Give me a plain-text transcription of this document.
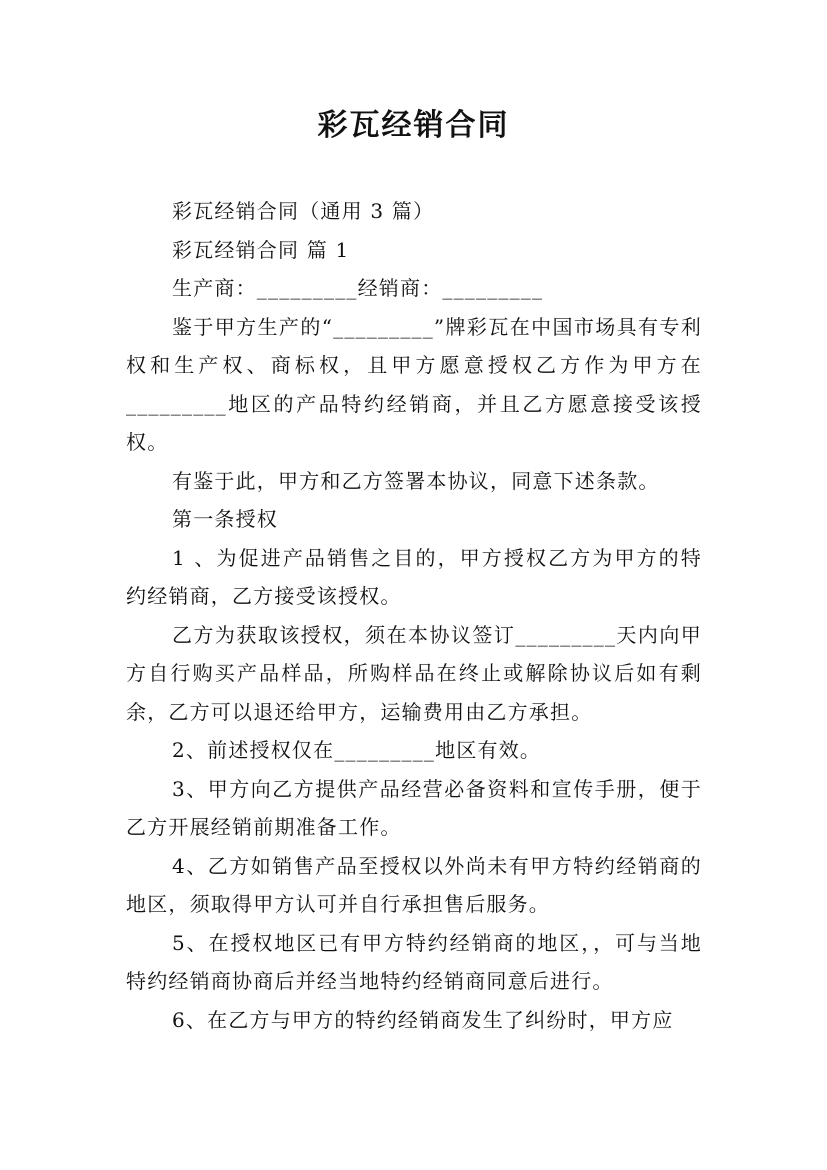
彩瓦经销合同

彩瓦经销合同（通用 3 篇）

彩瓦经销合同 篇 1

生产商：_________经销商：_________

鉴于甲方生产的“_________”牌彩瓦在中国市场具有专利权和生产权、商标权，且甲方愿意授权乙方作为甲方在_________地区的产品特约经销商，并且乙方愿意接受该授权。

有鉴于此，甲方和乙方签署本协议，同意下述条款。

第一条授权

1 、为促进产品销售之目的，甲方授权乙方为甲方的特约经销商，乙方接受该授权。

乙方为获取该授权，须在本协议签订_________天内向甲方自行购买产品样品，所购样品在终止或解除协议后如有剩余，乙方可以退还给甲方，运输费用由乙方承担。

2、前述授权仅在_________地区有效。

3、甲方向乙方提供产品经营必备资料和宣传手册，便于乙方开展经销前期准备工作。

4、乙方如销售产品至授权以外尚未有甲方特约经销商的地区，须取得甲方认可并自行承担售后服务。

5、在授权地区已有甲方特约经销商的地区，，可与当地特约经销商协商后并经当地特约经销商同意后进行。

6、在乙方与甲方的特约经销商发生了纠纷时，甲方应
